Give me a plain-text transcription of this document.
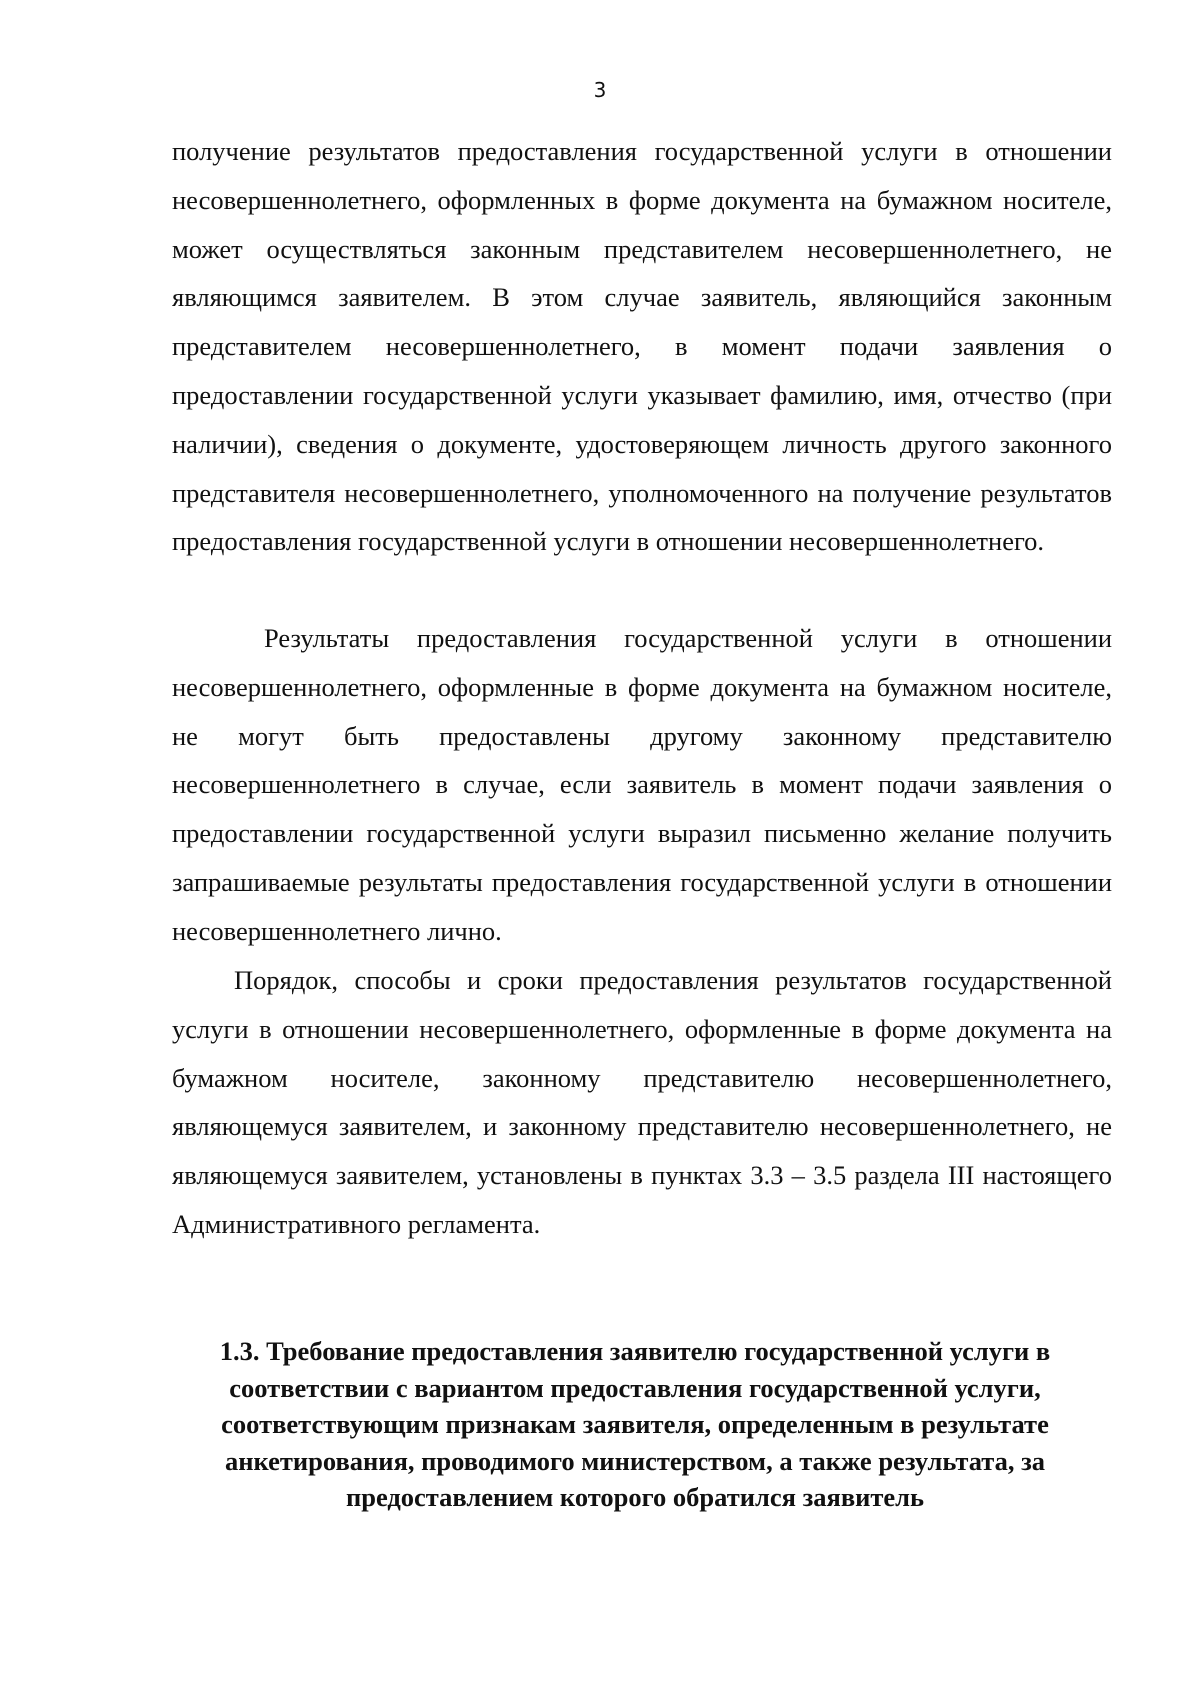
3

получение результатов предоставления государственной услуги в отношении несовершеннолетнего, оформленных в форме документа на бумажном носителе, может осуществляться законным представителем несовершеннолетнего, не являющимся заявителем. В этом случае заявитель, являющийся законным представителем несовершеннолетнего, в момент подачи заявления о предоставлении государственной услуги указывает фамилию, имя, отчество (при наличии), сведения о документе, удостоверяющем личность другого законного представителя несовершеннолетнего, уполномоченного на получение результатов предоставления государственной услуги в отношении несовершеннолетнего.

Результаты предоставления государственной услуги в отношении несовершеннолетнего, оформленные в форме документа на бумажном носителе, не могут быть предоставлены другому законному представителю несовершеннолетнего в случае, если заявитель в момент подачи заявления о предоставлении государственной услуги выразил письменно желание получить запрашиваемые результаты предоставления государственной услуги в отношении несовершеннолетнего лично.

Порядок, способы и сроки предоставления результатов государственной услуги в отношении несовершеннолетнего, оформленные в форме документа на бумажном носителе, законному представителю несовершеннолетнего, являющемуся заявителем, и законному представителю несовершеннолетнего, не являющемуся заявителем, установлены в пунктах 3.3 – 3.5 раздела III настоящего Административного регламента.

1.3. Требование предоставления заявителю государственной услуги в соответствии с вариантом предоставления государственной услуги, соответствующим признакам заявителя, определенным в результате анкетирования, проводимого министерством, а также результата, за предоставлением которого обратился заявитель
